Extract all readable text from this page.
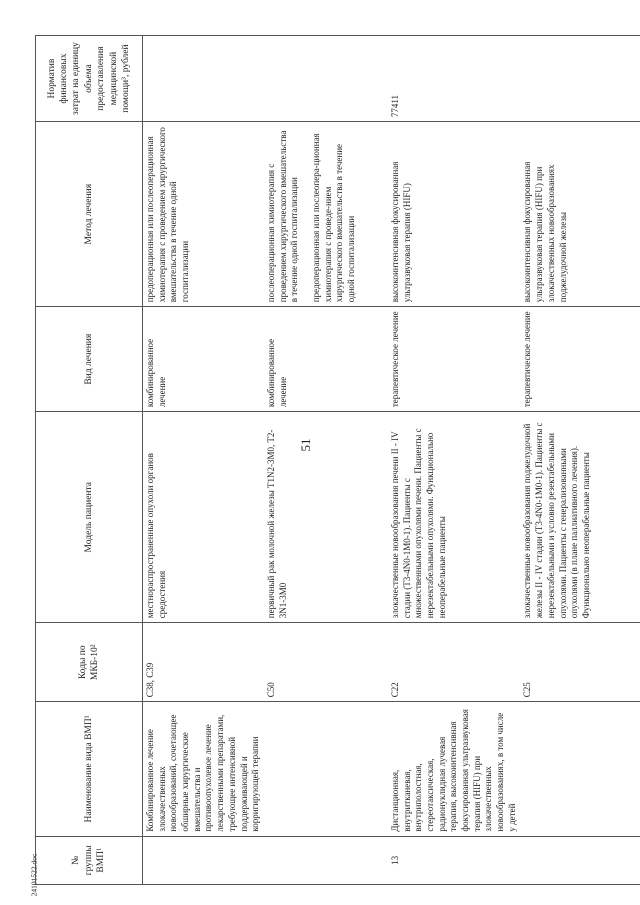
51
24101522.doc	№ группы ВМП¹	Наименование вида ВМП¹	Коды по МКБ-10²	Модель пациента	Вид лечения	Метод лечения	Норматив финансовых затрат на единицу объема предоставления медицинской помощи³, рублей
	Комбинированное лечение злокачественных новообразований, сочетающее обширные хирургические вмешательства и противоопухолевое лечение лекарственными препаратами, требующее интенсивной поддерживающей и корригирующей терапии	С38, С39	местнораспространенные опухоли органов средостения	комбинированное лечение	предоперационная или послеоперационная химиотерапия с проведением хирургического вмешательства в течение одной госпитализации	
		С50	первичный рак молочной железы T1N2-3M0, T2-3N1-3M0	комбинированное лечение	послеоперационная химиотерапия с проведением хирургического вмешательства в течение одной госпитализации предоперационная или послеопера-ционная химиотерапия с проведе-нием хирургического вмешательства в течение одной госпитализации	
13	Дистанционная, внутритканевая, внутриполостная, стереотаксическая, радионуклидная лучевая терапия, высокоинтенсивная фокусированная ультразвуковая терапия (HIFU) при злокачественных новообразованиях, в том числе у детей	С22	злокачественные новообразования печени II - IV стадии (T3-4N0-1M0-1). Пациенты с множественными опухолями печени. Пациенты с нерезектабельными опухолями. Функционально неоперабельные пациенты	терапевтическое лечение	высокоинтенсивная фокусированная ультразвуковая терапия (HIFU)	77411
		С25	злокачественные новообразования поджелудочной железы II - IV стадии (T3-4N0-1M0-1). Пациенты с нерезектабельными и условно резектабельными опухолями. Пациенты с генерализованными опухолями (в плане паллиативного лечения). Функционально неоперабельные пациенты	терапевтическое лечение	высокоинтенсивная фокусированная ультразвуковая терапия (HIFU) при злокачественных новообразованиях поджелудочной железы	
